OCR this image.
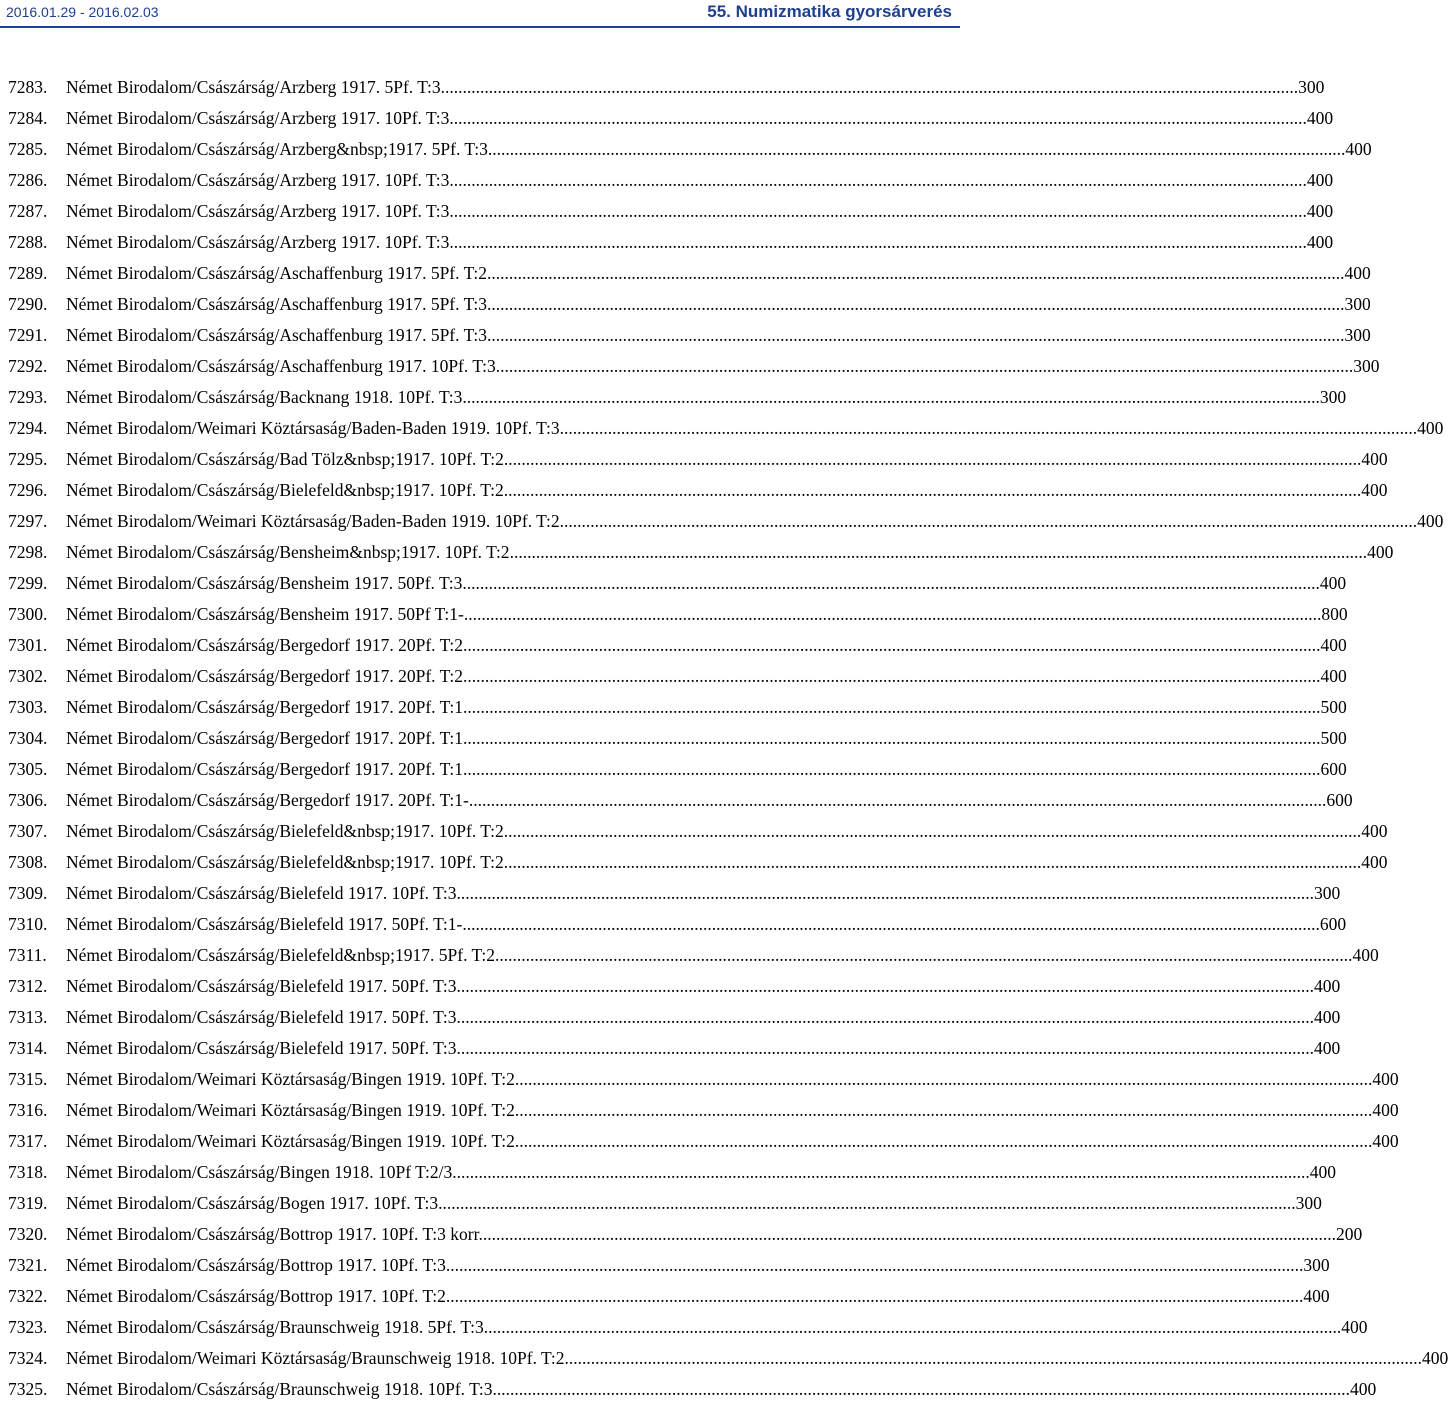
2016.01.29 - 2016.02.03	55. Numizmatika gyorsárverés
7283.	Német Birodalom/Császárság/Arzberg 1917. 5Pf. T:3.................................................................................................................................................................................................... 300
7284.	Német Birodalom/Császárság/Arzberg 1917. 10Pf. T:3.................................................................................................................................................................................................... 400
7285.	Német Birodalom/Császárság/Arzberg&nbsp;1917. 5Pf. T:3.................................................................................................................................................................................................... 400
7286.	Német Birodalom/Császárság/Arzberg 1917. 10Pf. T:3.................................................................................................................................................................................................... 400
7287.	Német Birodalom/Császárság/Arzberg 1917. 10Pf. T:3.................................................................................................................................................................................................... 400
7288.	Német Birodalom/Császárság/Arzberg 1917. 10Pf. T:3.................................................................................................................................................................................................... 400
7289.	Német Birodalom/Császárság/Aschaffenburg 1917. 5Pf. T:2.................................................................................................................................................................................................... 400
7290.	Német Birodalom/Császárság/Aschaffenburg 1917. 5Pf. T:3.................................................................................................................................................................................................... 300
7291.	Német Birodalom/Császárság/Aschaffenburg 1917. 5Pf. T:3.................................................................................................................................................................................................... 300
7292.	Német Birodalom/Császárság/Aschaffenburg 1917. 10Pf. T:3.................................................................................................................................................................................................... 300
7293.	Német Birodalom/Császárság/Backnang 1918. 10Pf. T:3.................................................................................................................................................................................................... 300
7294.	Német Birodalom/Weimari Köztársaság/Baden-Baden 1919. 10Pf. T:3.................................................................................................................................................................................................... 400
7295.	Német Birodalom/Császárság/Bad Tölz&nbsp;1917. 10Pf. T:2.................................................................................................................................................................................................... 400
7296.	Német Birodalom/Császárság/Bielefeld&nbsp;1917. 10Pf. T:2.................................................................................................................................................................................................... 400
7297.	Német Birodalom/Weimari Köztársaság/Baden-Baden 1919. 10Pf. T:2.................................................................................................................................................................................................... 400
7298.	Német Birodalom/Császárság/Bensheim&nbsp;1917. 10Pf. T:2.................................................................................................................................................................................................... 400
7299.	Német Birodalom/Császárság/Bensheim 1917. 50Pf. T:3.................................................................................................................................................................................................... 400
7300.	Német Birodalom/Császárság/Bensheim 1917. 50Pf T:1-.................................................................................................................................................................................................... 800
7301.	Német Birodalom/Császárság/Bergedorf 1917. 20Pf. T:2.................................................................................................................................................................................................... 400
7302.	Német Birodalom/Császárság/Bergedorf 1917. 20Pf. T:2.................................................................................................................................................................................................... 400
7303.	Német Birodalom/Császárság/Bergedorf 1917. 20Pf. T:1.................................................................................................................................................................................................... 500
7304.	Német Birodalom/Császárság/Bergedorf 1917. 20Pf. T:1.................................................................................................................................................................................................... 500
7305.	Német Birodalom/Császárság/Bergedorf 1917. 20Pf. T:1.................................................................................................................................................................................................... 600
7306.	Német Birodalom/Császárság/Bergedorf 1917. 20Pf. T:1-.................................................................................................................................................................................................... 600
7307.	Német Birodalom/Császárság/Bielefeld&nbsp;1917. 10Pf. T:2.................................................................................................................................................................................................... 400
7308.	Német Birodalom/Császárság/Bielefeld&nbsp;1917. 10Pf. T:2.................................................................................................................................................................................................... 400
7309.	Német Birodalom/Császárság/Bielefeld 1917. 10Pf. T:3.................................................................................................................................................................................................... 300
7310.	Német Birodalom/Császárság/Bielefeld 1917. 50Pf. T:1-.................................................................................................................................................................................................... 600
7311.	Német Birodalom/Császárság/Bielefeld&nbsp;1917. 5Pf. T:2.................................................................................................................................................................................................... 400
7312.	Német Birodalom/Császárság/Bielefeld 1917. 50Pf. T:3.................................................................................................................................................................................................... 400
7313.	Német Birodalom/Császárság/Bielefeld 1917. 50Pf. T:3.................................................................................................................................................................................................... 400
7314.	Német Birodalom/Császárság/Bielefeld 1917. 50Pf. T:3.................................................................................................................................................................................................... 400
7315.	Német Birodalom/Weimari Köztársaság/Bingen 1919. 10Pf. T:2.................................................................................................................................................................................................... 400
7316.	Német Birodalom/Weimari Köztársaság/Bingen 1919. 10Pf. T:2.................................................................................................................................................................................................... 400
7317.	Német Birodalom/Weimari Köztársaság/Bingen 1919. 10Pf. T:2.................................................................................................................................................................................................... 400
7318.	Német Birodalom/Császárság/Bingen 1918. 10Pf T:2/3.................................................................................................................................................................................................... 400
7319.	Német Birodalom/Császárság/Bogen 1917. 10Pf. T:3.................................................................................................................................................................................................... 300
7320.	Német Birodalom/Császárság/Bottrop 1917. 10Pf. T:3 korr.................................................................................................................................................................................................... 200
7321.	Német Birodalom/Császárság/Bottrop 1917. 10Pf. T:3.................................................................................................................................................................................................... 300
7322.	Német Birodalom/Császárság/Bottrop 1917. 10Pf. T:2.................................................................................................................................................................................................... 400
7323.	Német Birodalom/Császárság/Braunschweig 1918. 5Pf. T:3.................................................................................................................................................................................................... 400
7324.	Német Birodalom/Weimari Köztársaság/Braunschweig 1918. 10Pf. T:2.................................................................................................................................................................................................... 400
7325.	Német Birodalom/Császárság/Braunschweig 1918. 10Pf. T:3.................................................................................................................................................................................................... 400
